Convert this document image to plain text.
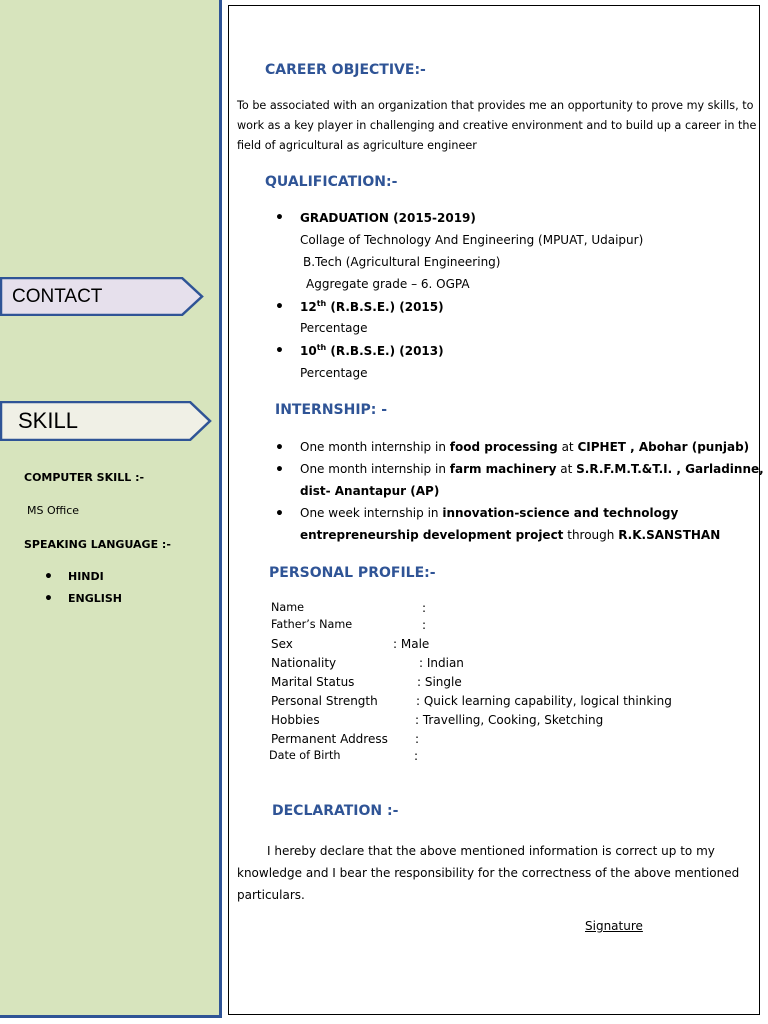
CONTACT
SKILL
COMPUTER SKILL :-
MS Office
SPEAKING LANGUAGE :-
• HINDI
• ENGLISH
CAREER OBJECTIVE:-
To be associated with an organization that provides me an opportunity to prove my skills, to work as a key player in challenging and creative environment and to build up a career in the field of agricultural as agriculture engineer
QUALIFICATION:-
• GRADUATION (2015-2019)
Collage of Technology And Engineering (MPUAT, Udaipur)
B.Tech (Agricultural Engineering)
Aggregate grade – 6. OGPA
• 12th (R.B.S.E.) (2015)
Percentage
• 10th (R.B.S.E.) (2013)
Percentage
INTERNSHIP: -
• One month internship in food processing at CIPHET , Abohar (punjab)
• One month internship in farm machinery at S.R.F.M.T.&T.I. , Garladinne,
dist- Anantapur (AP)
• One week internship in innovation-science and technology
entrepreneurship development project through R.K.SANSTHAN
PERSONAL PROFILE:-
Name	:
Father’s Name	:
Sex	: Male
Nationality	: Indian
Marital Status	: Single
Personal Strength	: Quick learning capability, logical thinking
Hobbies	: Travelling, Cooking, Sketching
Permanent Address :
Date of Birth	:
DECLARATION :-
I hereby declare that the above mentioned information is correct up to my knowledge and I bear the responsibility for the correctness of the above mentioned particulars.
Signature
